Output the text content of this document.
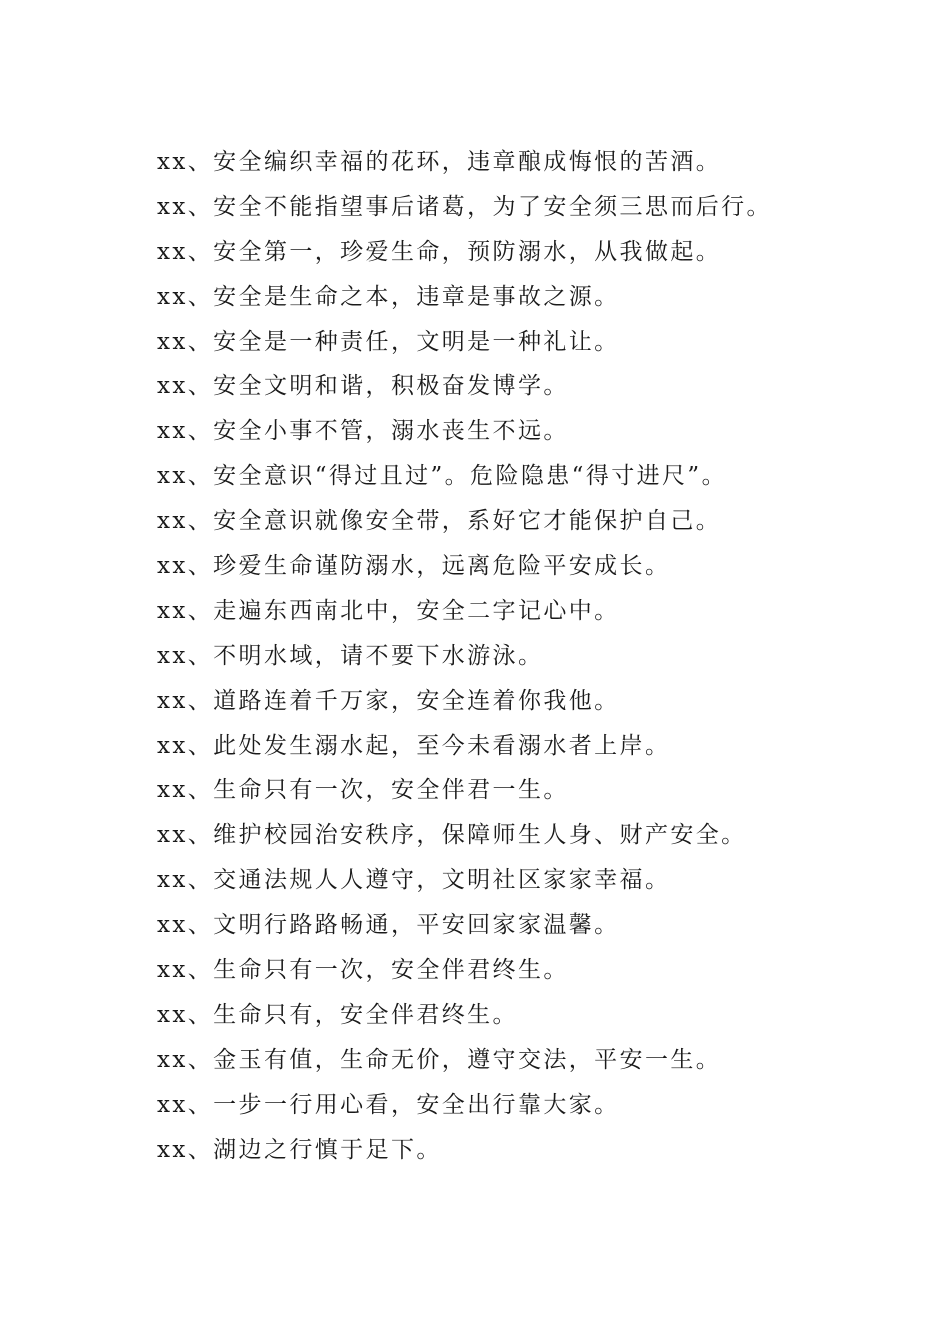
xx、安全编织幸福的花环，违章酿成悔恨的苦酒。
xx、安全不能指望事后诸葛，为了安全须三思而后行。
xx、安全第一，珍爱生命，预防溺水，从我做起。
xx、安全是生命之本，违章是事故之源。
xx、安全是一种责任，文明是一种礼让。
xx、安全文明和谐，积极奋发博学。
xx、安全小事不管，溺水丧生不远。
xx、安全意识“得过且过”。危险隐患“得寸进尺”。
xx、安全意识就像安全带，系好它才能保护自己。
xx、珍爱生命谨防溺水，远离危险平安成长。
xx、走遍东西南北中，安全二字记心中。
xx、不明水域，请不要下水游泳。
xx、道路连着千万家，安全连着你我他。
xx、此处发生溺水起，至今未看溺水者上岸。
xx、生命只有一次，安全伴君一生。
xx、维护校园治安秩序，保障师生人身、财产安全。
xx、交通法规人人遵守，文明社区家家幸福。
xx、文明行路路畅通，平安回家家温馨。
xx、生命只有一次，安全伴君终生。
xx、生命只有，安全伴君终生。
xx、金玉有值，生命无价，遵守交法，平安一生。
xx、一步一行用心看，安全出行靠大家。
xx、湖边之行慎于足下。
